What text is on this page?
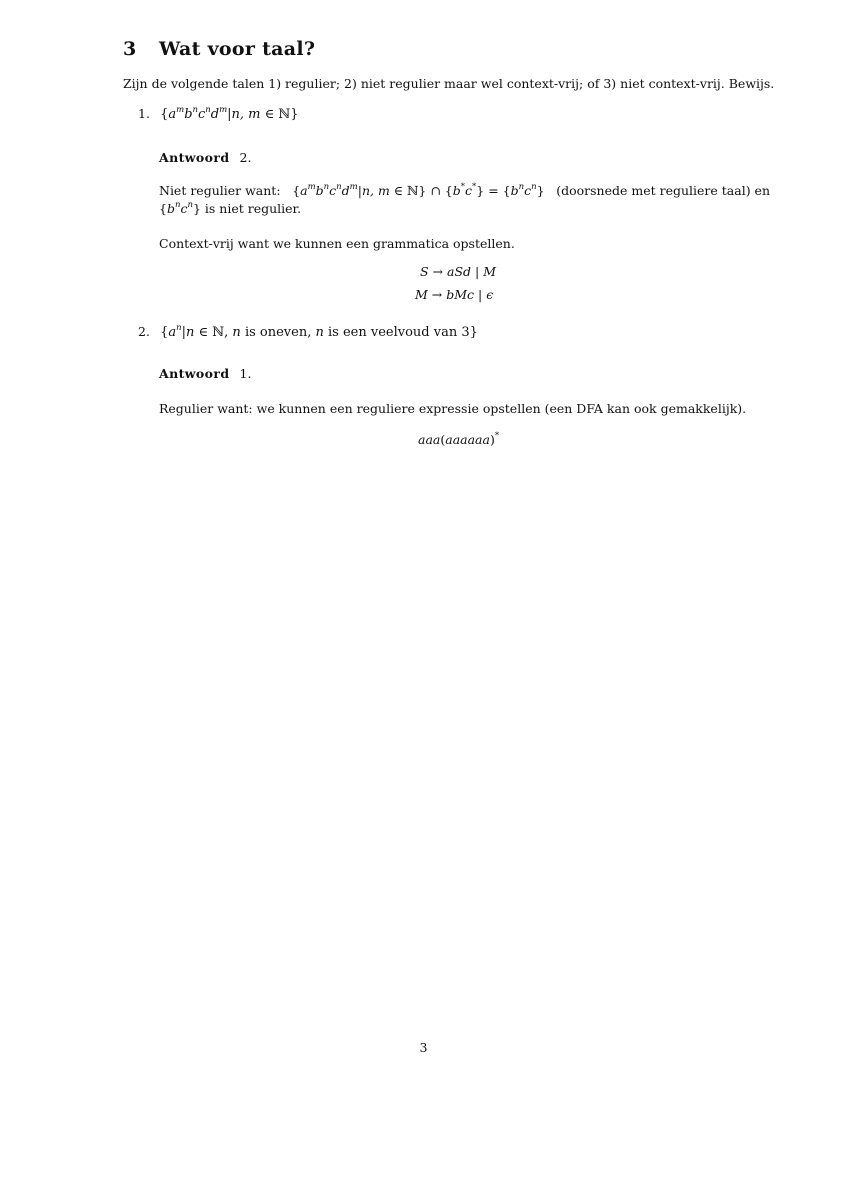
3 Wat voor taal?
Zijn de volgende talen 1) regulier; 2) niet regulier maar wel context-vrij; of 3) niet context-vrij. Bewijs.
1. {$a^mb^nc^nd^m|n$, m ∈ ℕ}
Antwoord 2.
Niet regulier want: {$a^mb^nc^nd^m|n$, m ∈ ℕ} ∩ $\{b^*c^*\} = \{b^nc^n\}$ (doorsnede met reguliere taal) en
$\{b^nc^n\}$ is niet regulier.
Context-vrij want we kunnen een grammatica opstellen.
S → aSd | M
M → bMc | ϵ
2. {$a^n|n$ ∈ ℕ, n is oneven, n is een veelvoud van 3}
Antwoord 1.
Regulier want: we kunnen een reguliere expressie opstellen (een DFA kan ook gemakkelijk).
aaa(aaaaaa)*
3
